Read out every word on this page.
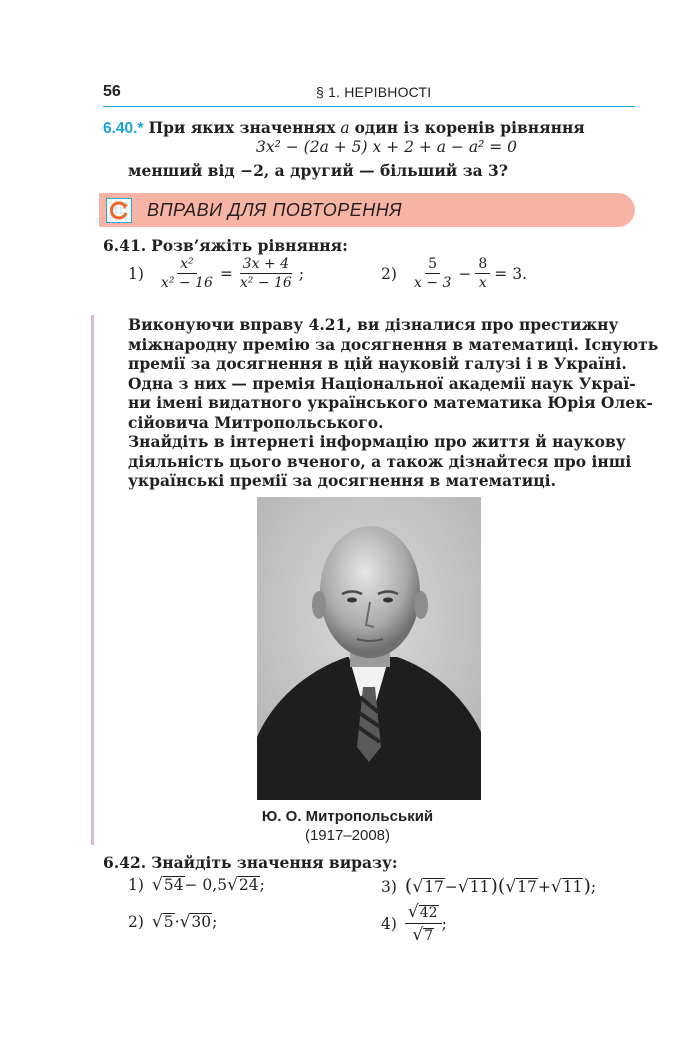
56	§ 1. НЕРІВНОСТІ
6.40.* При яких значеннях a один із коренів рівняння
3x² − (2a + 5) x + 2 + a − a² = 0
менший від −2, а другий — більший за 3?
ВПРАВИ ДЛЯ ПОВТОРЕННЯ
6.41. Розв’яжіть рівняння:
$1) \frac{\text{x²}}{\text{x² − 16}} = \frac{3x + 4}{\text{x² − 16}}$ ;	$2) \frac{5}{x - 3} - \frac{8}{x} = 3$.
Виконуючи вправу 4.21, ви дізналися про престижну
міжнародну премію за досягнення в математиці. Існують
премії за досягнення в цій науковій галузі і в Україні.
Одна з них — премія Національної академії наук Украї-
ни імені видатного українського математика Юрія Олек-
сійовича Митропольського.
Знайдіть в інтернеті інформацію про життя й наукову
діяльність цього вченого, а також дізнайтеся про інші
українські премії за досягнення в математиці.
Ю. О. Митропольський
(1917–2008)
6.42. Знайдіть значення виразу:
1) √54− 0,5√24;	3) (√17−√11)(√17+√11);
2) √5·√30;	$4) \frac{√42}{√7}$ ;
